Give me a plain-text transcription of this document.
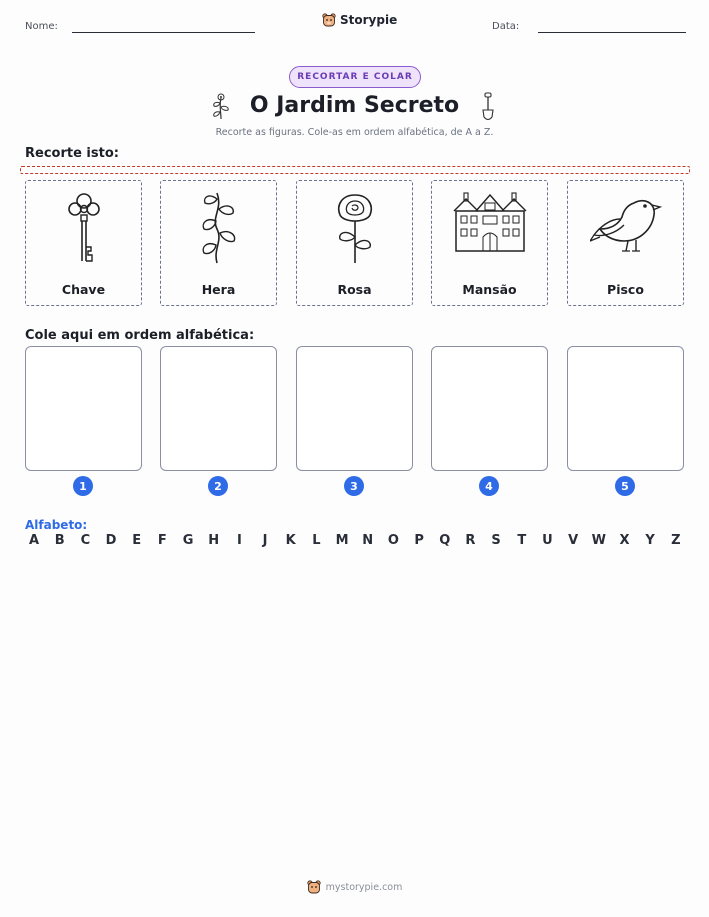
Nome:	Storypie	Data:
RECORTAR E COLAR
O Jardim Secreto
Recorte as figuras. Cole-as em ordem alfabética, de A a Z.
Recorte isto:
Chave	Hera	Rosa	Mansão	Pisco
Cole aqui em ordem alfabética:
1	2	3	4	5
Alfabeto:
A	B	C	D	E	F	G H	I	J	K	L	M N O	P	Q	R	S	T	U	V	W	X	Y	Z
mystorypie.com
